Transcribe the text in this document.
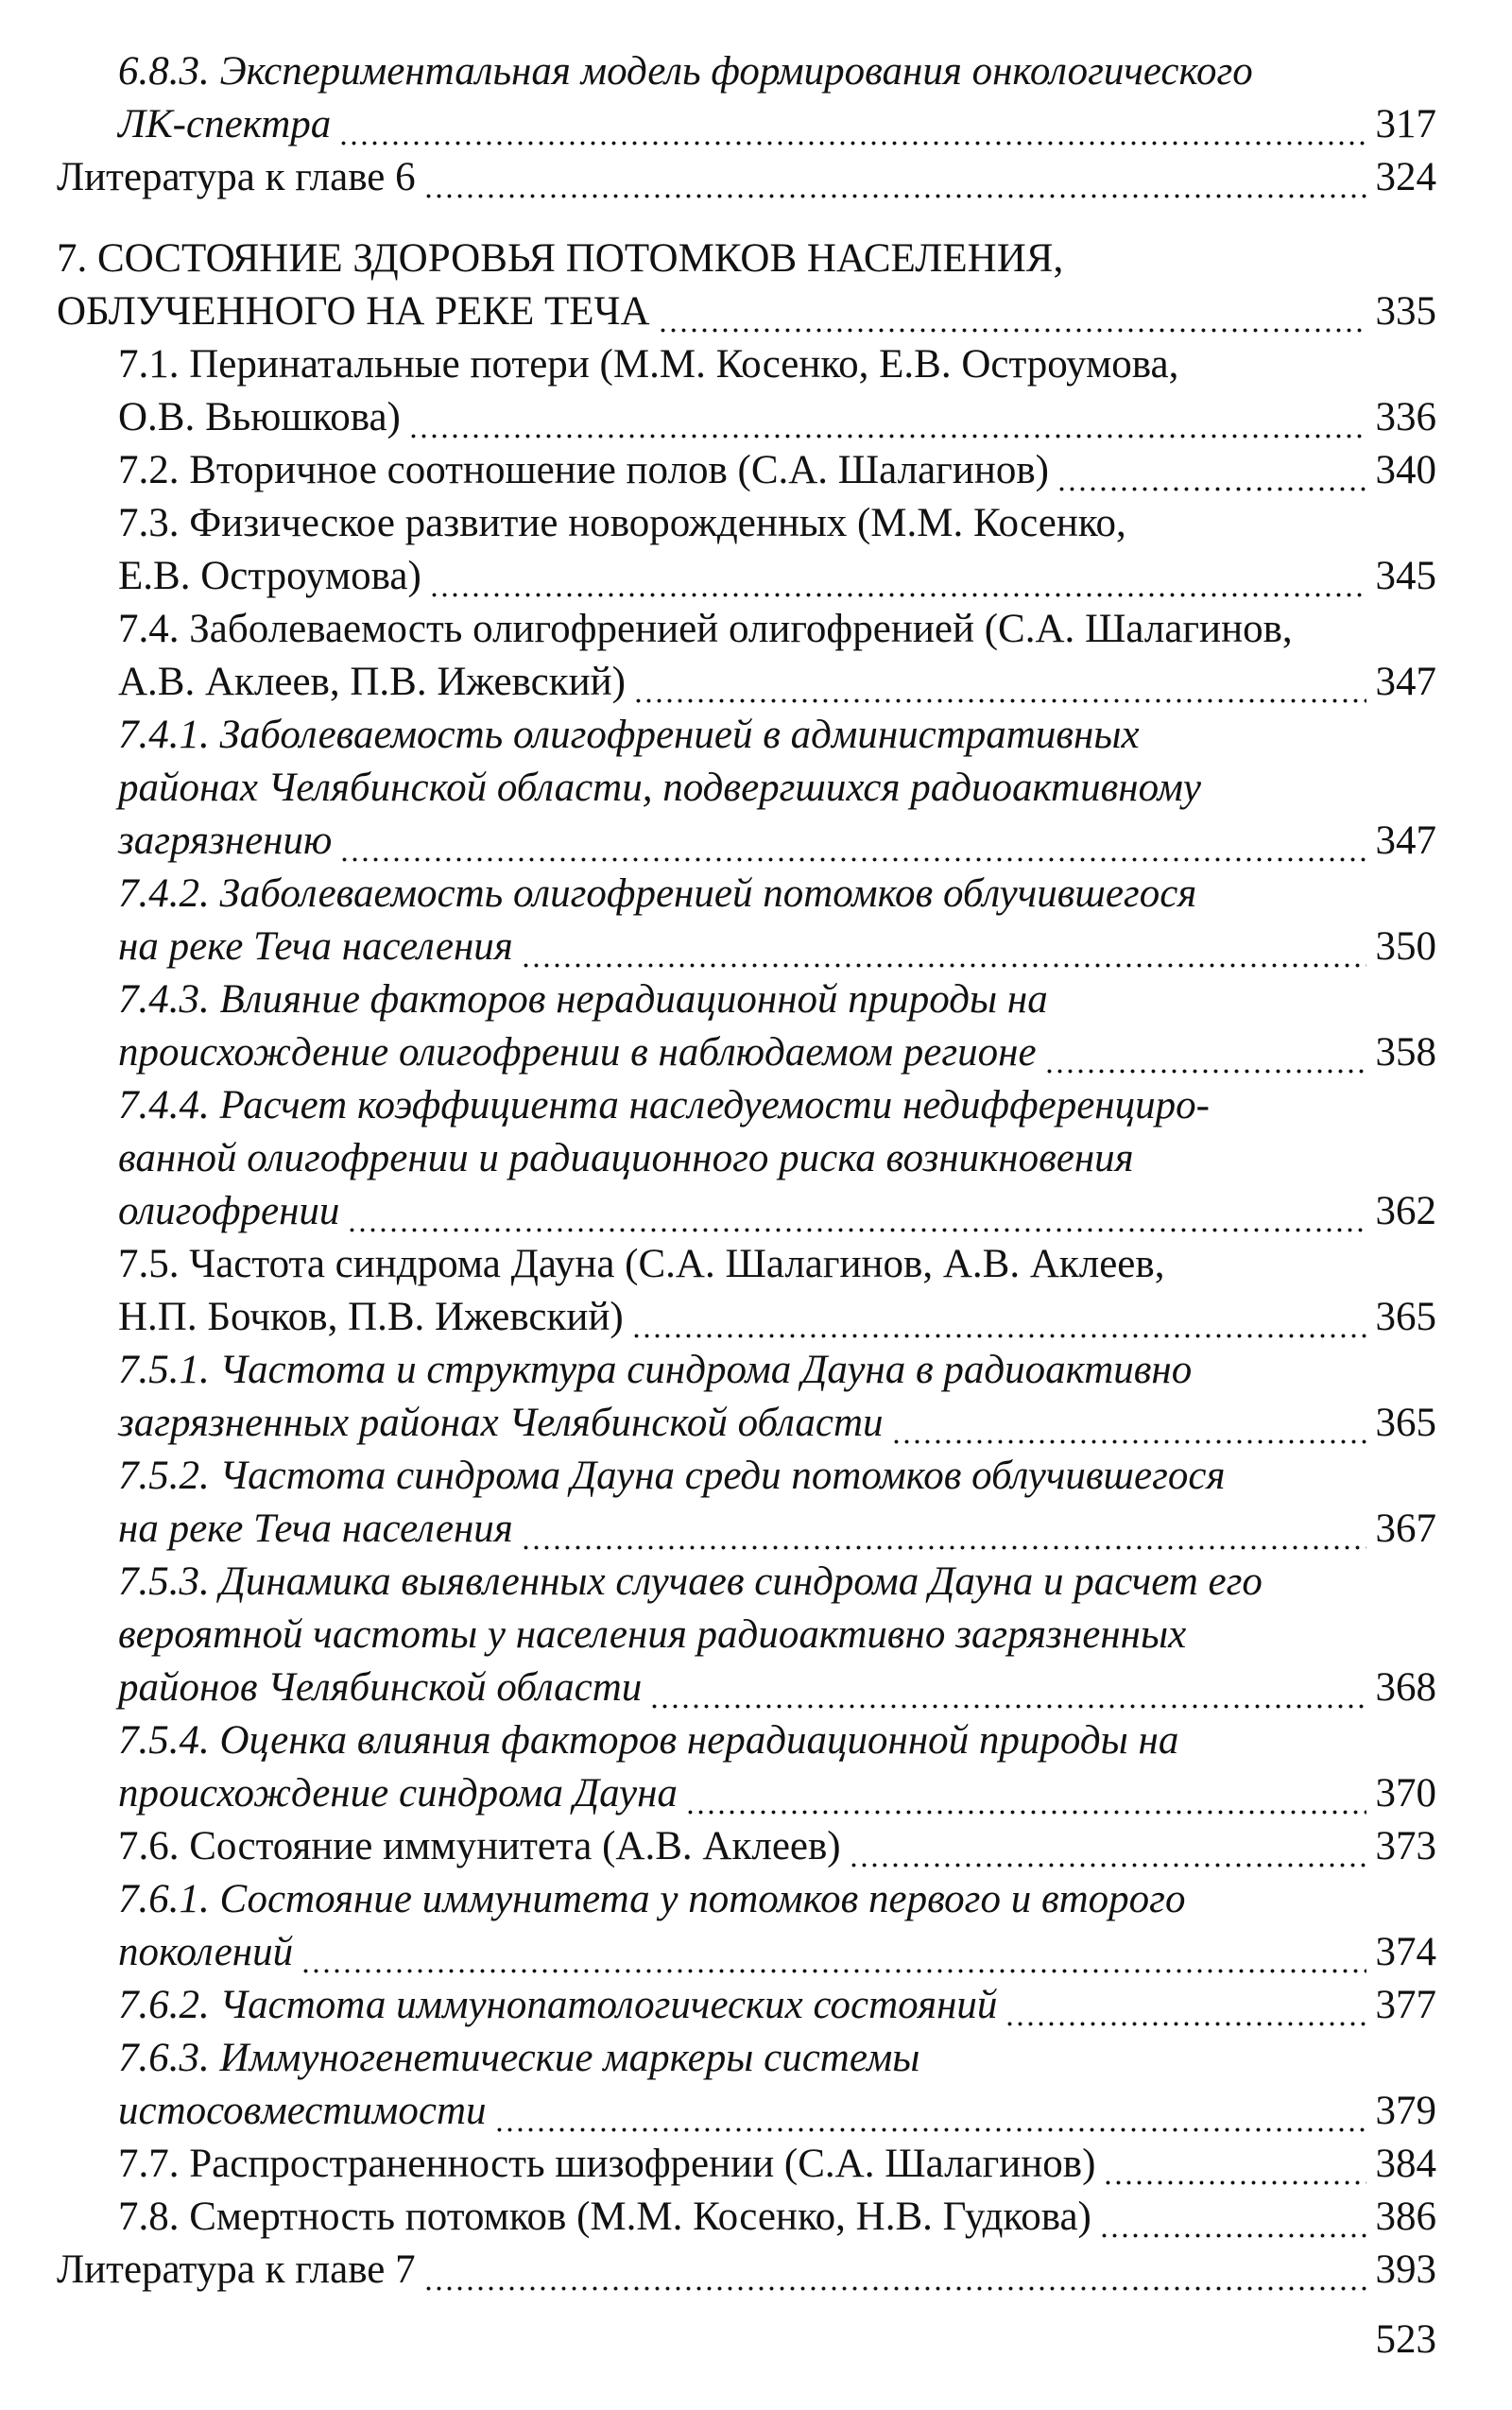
6.8.3. Экспериментальная модель формирования онкологического
ЛК-спектра	317
Литература к главе 6	324
7. СОСТОЯНИЕ ЗДОРОВЬЯ ПОТОМКОВ НАСЕЛЕНИЯ,
ОБЛУЧЕННОГО НА РЕКЕ ТЕЧА	335
7.1. Перинатальные потери (М.М. Косенко, Е.В. Остроумова,
О.В. Вьюшкова)	336
7.2. Вторичное соотношение полов (С.А. Шалагинов)	340
7.3. Физическое развитие новорожденных (М.М. Косенко,
Е.В. Остроумова)	345
7.4. Заболеваемость олигофренией олигофренией (С.А. Шалагинов,
А.В. Аклеев, П.В. Ижевский)	347
7.4.1. Заболеваемость олигофренией в административных
районах Челябинской области, подвергшихся радиоактивному
загрязнению	347
7.4.2. Заболеваемость олигофренией потомков облучившегося
на реке Теча населения	350
7.4.3. Влияние факторов нерадиационной природы на
происхождение олигофрении в наблюдаемом регионе	358
7.4.4. Расчет коэффициента наследуемости недифференциро-
ванной олигофрении и радиационного риска возникновения
олигофрении	362
7.5. Частота синдрома Дауна (С.А. Шалагинов, А.В. Аклеев,
Н.П. Бочков, П.В. Ижевский)	365
7.5.1. Частота и структура синдрома Дауна в радиоактивно
загрязненных районах Челябинской области	365
7.5.2. Частота синдрома Дауна среди потомков облучившегося
на реке Теча населения	367
7.5.3. Динамика выявленных случаев синдрома Дауна и расчет его
вероятной частоты у населения радиоактивно загрязненных
районов Челябинской области	368
7.5.4. Оценка влияния факторов нерадиационной природы на
происхождение синдрома Дауна	370
7.6. Состояние иммунитета (А.В. Аклеев)	373
7.6.1. Состояние иммунитета у потомков первого и второго
поколений	374
7.6.2. Частота иммунопатологических состояний	377
7.6.3. Иммуногенетические маркеры системы
истосовместимости	379
7.7. Распространенность шизофрении (С.А. Шалагинов)	384
7.8. Смертность потомков (М.М. Косенко, Н.В. Гудкова)	386
Литература к главе 7	393
523
